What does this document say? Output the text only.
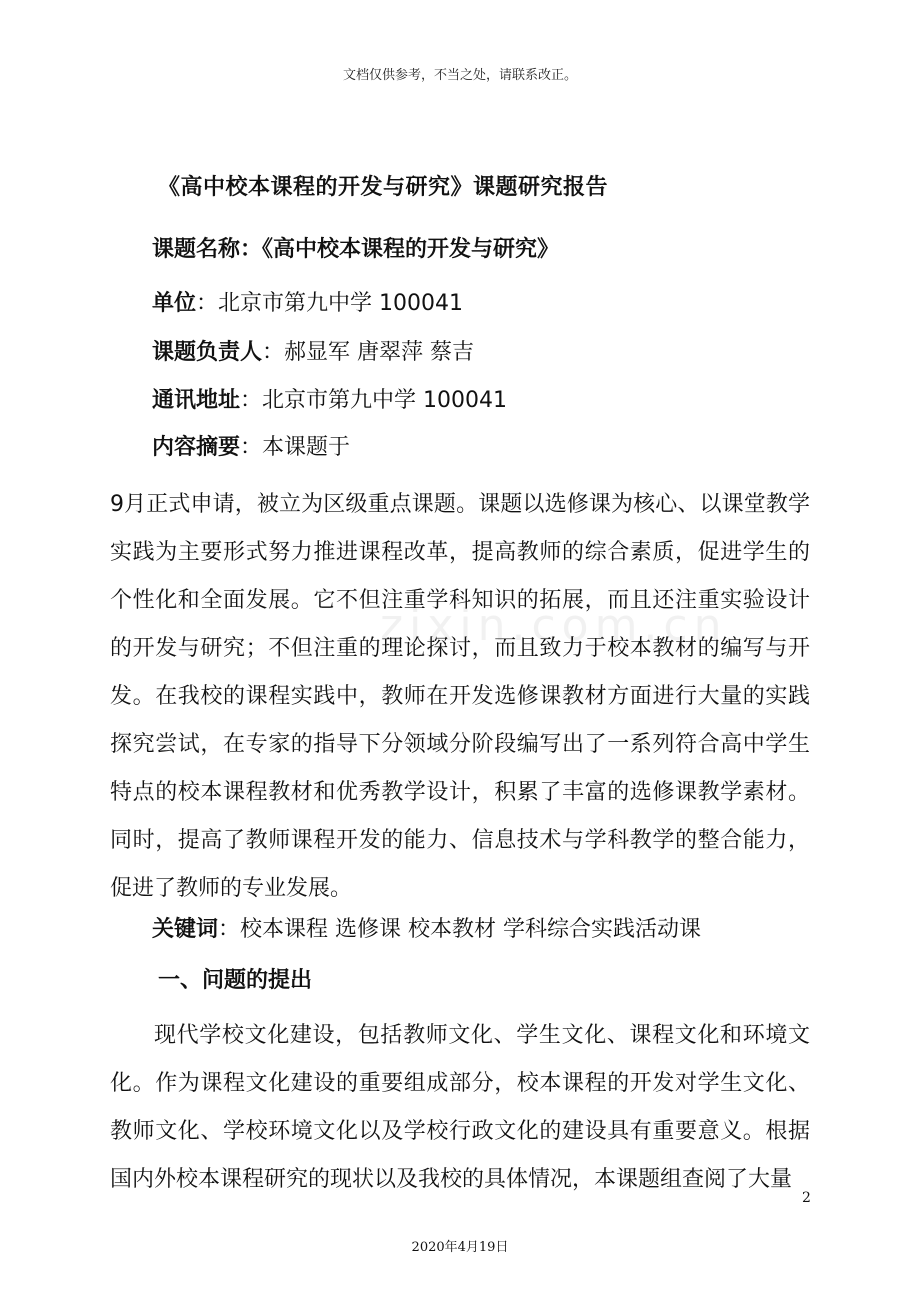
文档仅供参考，不当之处，请联系改正。
zixin.com.cn
《高中校本课程的开发与研究》课题研究报告
课题名称：《高中校本课程的开发与研究》
单位：北京市第九中学 100041
课题负责人：郝显军 唐翠萍 蔡吉
通讯地址：北京市第九中学 100041
内容摘要：本课题于

9月正式申请，被立为区级重点课题。课题以选修课为核心、以课堂教学实践为主要形式努力推进课程改革，提高教师的综合素质，促进学生的个性化和全面发展。它不但注重学科知识的拓展，而且还注重实验设计的开发与研究；不但注重的理论探讨，而且致力于校本教材的编写与开发。在我校的课程实践中，教师在开发选修课教材方面进行大量的实践探究尝试，在专家的指导下分领域分阶段编写出了一系列符合高中学生特点的校本课程教材和优秀教学设计，积累了丰富的选修课教学素材。同时，提高了教师课程开发的能力、信息技术与学科教学的整合能力，促进了教师的专业发展。

关键词：校本课程 选修课 校本教材 学科综合实践活动课
一、问题的提出

现代学校文化建设，包括教师文化、学生文化、课程文化和环境文化。作为课程文化建设的重要组成部分，校本课程的开发对学生文化、教师文化、学校环境文化以及学校行政文化的建设具有重要意义。根据国内外校本课程研究的现状以及我校的具体情况，本课题组查阅了大量

2
2020年4月19日
